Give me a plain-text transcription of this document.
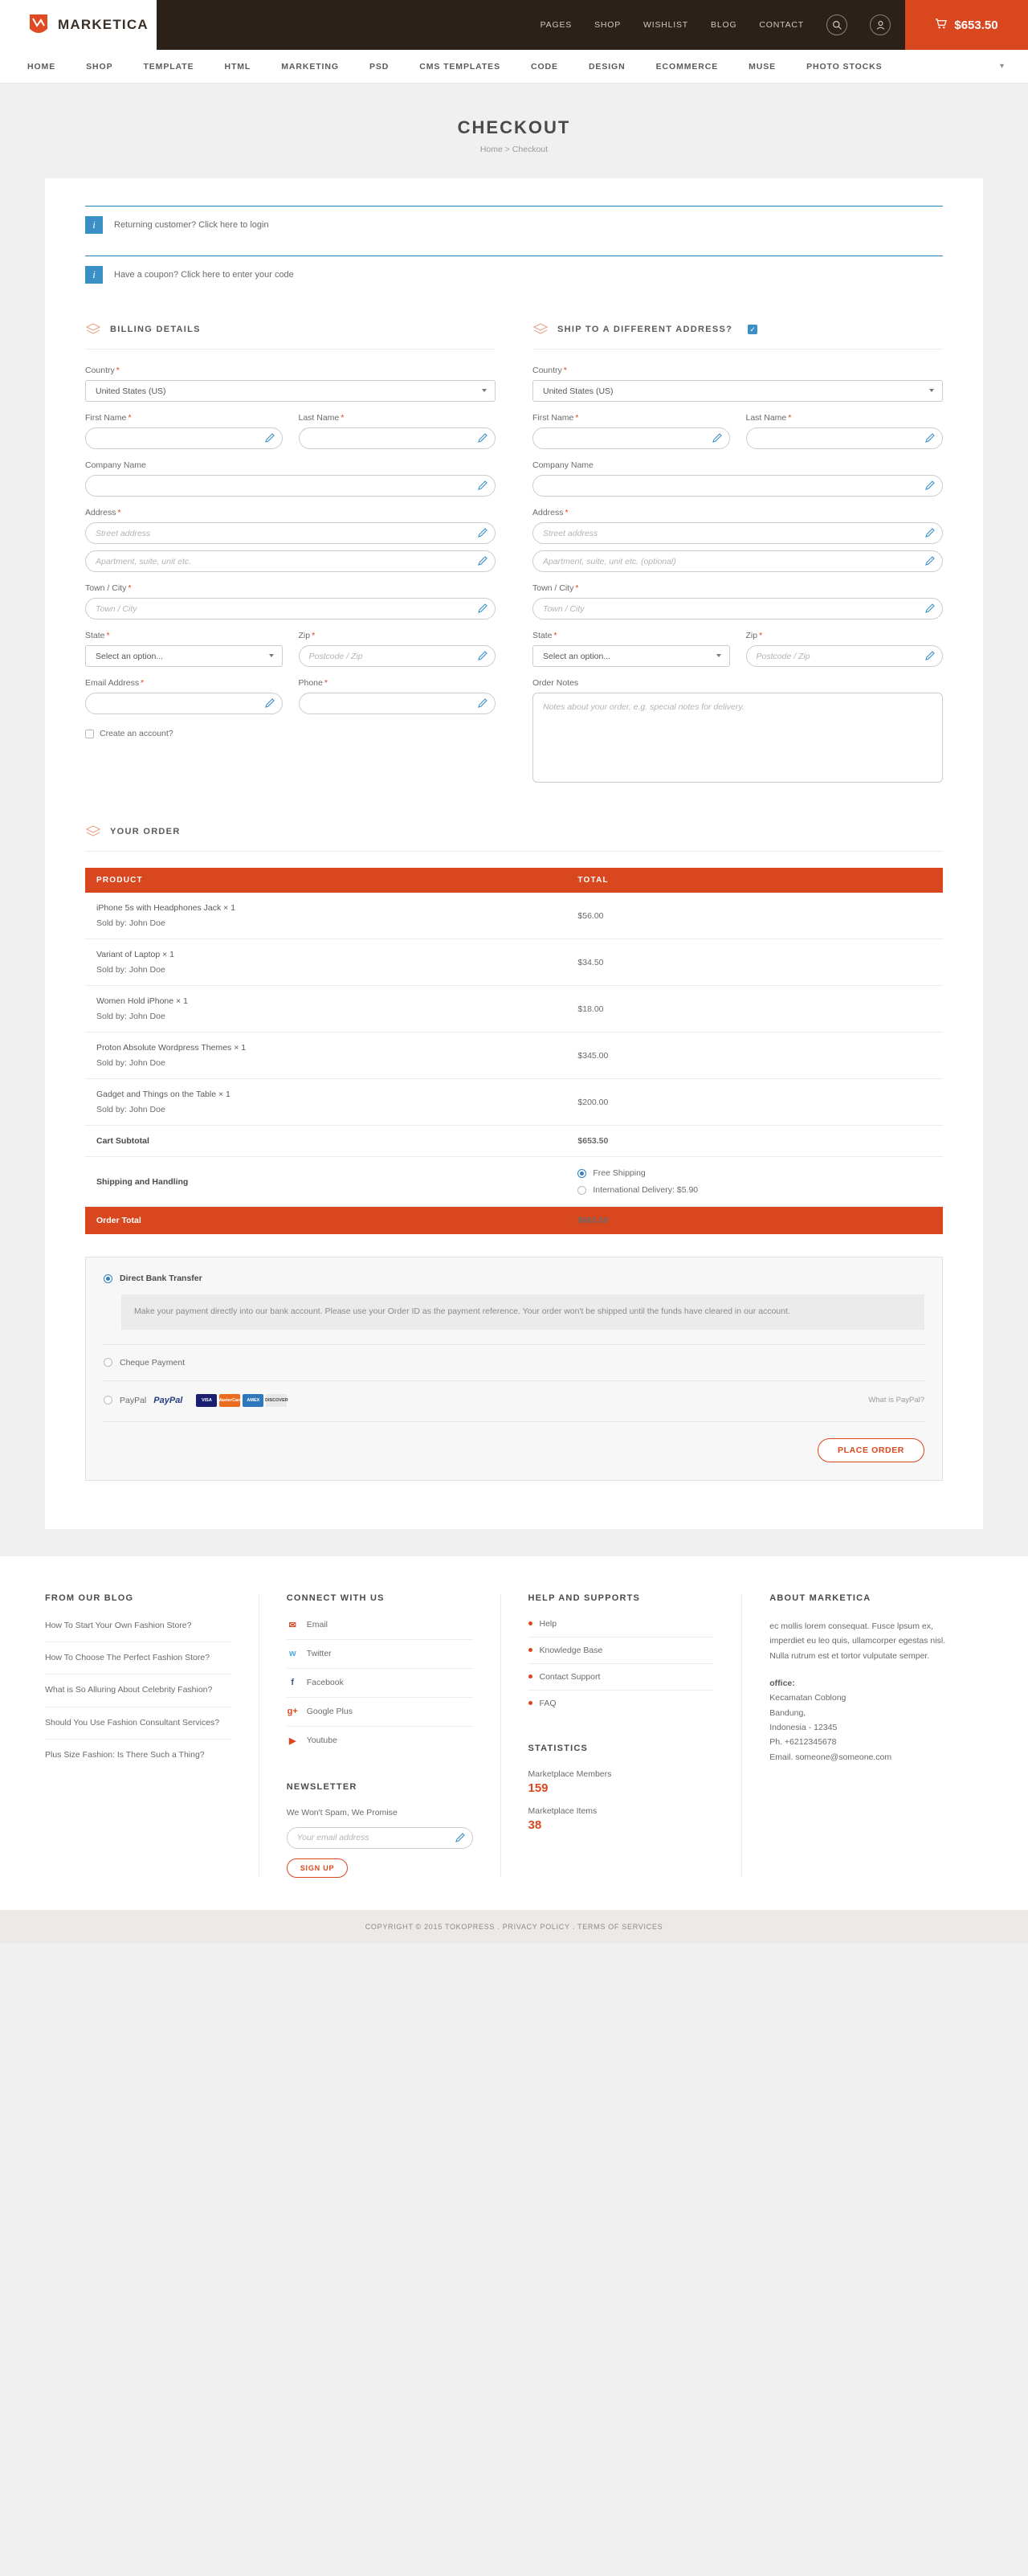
MARKETICA	PAGES	SHOP	WISHLIST	BLOG	CONTACT	$653.50
HOME	SHOP	TEMPLATE	HTML	MARKETING	PSD	CMS TEMPLATES	CODE	DESIGN	ECOMMERCE	MUSE	PHOTO STOCKS	▾
CHECKOUT
Home > Checkout
i	Returning customer? Click here to login
i	Have a coupon? Click here to enter your code
BILLING DETAILS
Country *
United States (US)
First Name *	Last Name *
Company Name
Address *
Street address
Apartment, suite, unit etc.
Town / City *
Town / City
State *
Select an option...	Zip *
Postcode / Zip
Email Address *	Phone *
Create an account?
SHIP TO A DIFFERENT ADDRESS? ✓
Country *
United States (US)
First Name *	Last Name *
Company Name
Address *
Street address
Apartment, suite, unit etc. (optional)
Town / City *
Town / City
State *
Select an option...	Zip *
Postcode / Zip
Order Notes
Notes about your order, e.g. special notes for delivery.
YOUR ORDER
PRODUCT	TOTAL

iPhone 5s with Headphones Jack × 1
Sold by: John Doe	$56.00

Variant of Laptop × 1
Sold by: John Doe	$34.50

Women Hold iPhone × 1
Sold by: John Doe	$18.00

Proton Absolute Wordpress Themes × 1
Sold by: John Doe	$345.00

Gadget and Things on the Table × 1
Sold by: John Doe	$200.00
Cart Subtotal	$653.50
Shipping and Handling	Free Shipping
International Delivery: $5.90

Order Total	$653.50
Direct Bank Transfer
Make your payment directly into our bank account. Please use your Order ID as the payment reference. Your order won't be shipped until the funds have cleared in our account.
Cheque Payment
PayPal PayPal	VISA	MasterCard	AMEX	DISCOVER	What is PayPal?
PLACE ORDER
FROM OUR BLOG
How To Start Your Own Fashion Store?
How To Choose The Perfect Fashion Store?
What is So Alluring About Celebrity Fashion?
Should You Use Fashion Consultant Services?
Plus Size Fashion: Is There Such a Thing?
CONNECT WITH US
✉ Email
w	Twitter
f	Facebook
g+ Google Plus
▶	Youtube
NEWSLETTER

We Won't Spam, We Promise

Your email address
SIGN UP
HELP AND SUPPORTS
Help
Knowledge Base
Contact Support
FAQ
STATISTICS
Marketplace Members
159
Marketplace Items
38
ABOUT MARKETICA

ec mollis lorem consequat. Fusce lpsum ex, imperdiet eu leo quis, ullamcorper egestas nisl. Nulla rutrum est et tortor vulputate semper.

office:
Kecamatan Coblong
Bandung,
Indonesia - 12345
Ph. +6212345678
Email. someone@someone.com

COPYRIGHT © 2015 TOKOPRESS . PRIVACY POLICY . TERMS OF SERVICES
